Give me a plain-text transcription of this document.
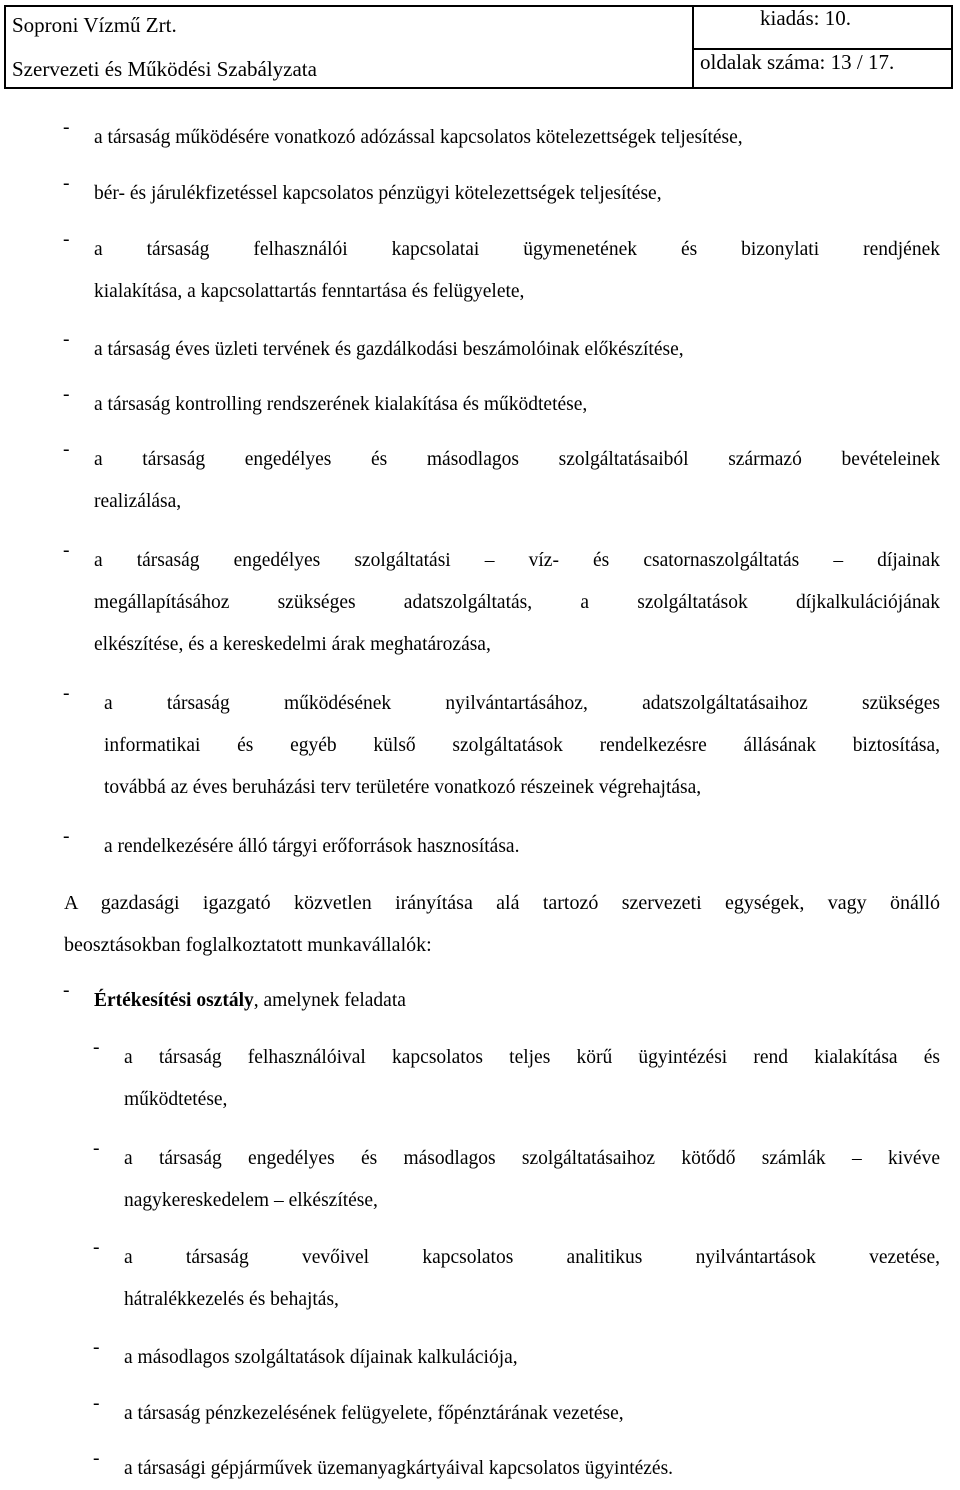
Soproni Vízmű Zrt.
Szervezeti és Működési Szabályzata
kiadás: 10.
oldalak száma: 13 / 17.
- a társaság működésére vonatkozó adózással kapcsolatos kötelezettségek teljesítése,
- bér- és járulékfizetéssel kapcsolatos pénzügyi kötelezettségek teljesítése,
- a társaság felhasználói kapcsolatai ügymenetének és bizonylati rendjének
kialakítása, a kapcsolattartás fenntartása és felügyelete,
- a társaság éves üzleti tervének és gazdálkodási beszámolóinak előkészítése,
- a társaság kontrolling rendszerének kialakítása és működtetése,
- a társaság engedélyes és másodlagos szolgáltatásaiból származó bevételeinek
realizálása,
- a társaság engedélyes szolgáltatási – víz- és csatornaszolgáltatás – díjainak
megállapításához szükséges adatszolgáltatás, a szolgáltatások díjkalkulációjának
elkészítése, és a kereskedelmi árak meghatározása,
- a társaság működésének nyilvántartásához, adatszolgáltatásaihoz szükséges
informatikai és egyéb külső szolgáltatások rendelkezésre állásának biztosítása,
továbbá az éves beruházási terv területére vonatkozó részeinek végrehajtása,
- a rendelkezésére álló tárgyi erőforrások hasznosítása.
A gazdasági igazgató közvetlen irányítása alá tartozó szervezeti egységek, vagy önálló
beosztásokban foglalkoztatott munkavállalók:
- Értékesítési osztály, amelynek feladata
- a társaság felhasználóival kapcsolatos teljes körű ügyintézési rend kialakítása és
működtetése,
- a társaság engedélyes és másodlagos szolgáltatásaihoz kötődő számlák – kivéve
nagykereskedelem – elkészítése,
- a társaság vevőivel kapcsolatos analitikus nyilvántartások vezetése,
hátralékkezelés és behajtás,
- a másodlagos szolgáltatások díjainak kalkulációja,
- a társaság pénzkezelésének felügyelete, főpénztárának vezetése,
- a társasági gépjárművek üzemanyagkártyáival kapcsolatos ügyintézés.
